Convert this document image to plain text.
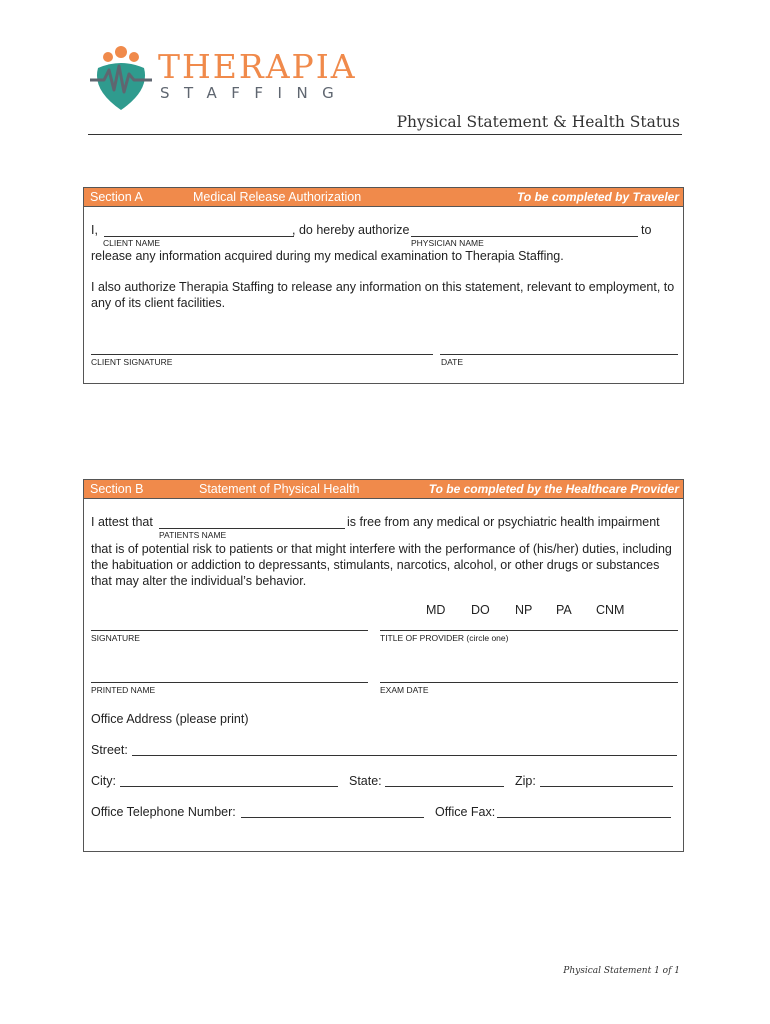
THERAPIA
STAFFING
Physical Statement & Health Status
Section A	Medical Release Authorization	To be completed by Traveler
I,	, do hereby authorize	to
CLIENT NAME	PHYSICIAN NAME
release any information acquired during my medical examination to Therapia Staffing.
I also authorize Therapia Staffing to release any information on this statement, relevant to employment, to any of its client facilities.
CLIENT SIGNATURE	DATE
Section B	Statement of Physical Health	To be completed by the Healthcare Provider
I attest that	is free from any medical or psychiatric health impairment
PATIENTS NAME
that is of potential risk to patients or that might interfere with the performance of (his/her) duties, including the habituation or addiction to depressants, stimulants, narcotics, alcohol, or other drugs or substances that may alter the individual’s behavior.
MD DO NP PA CNM
SIGNATURE	TITLE OF PROVIDER (circle one)
PRINTED NAME	EXAM DATE
Office Address (please print)
Street:
City:	State:	Zip:
Office Telephone Number:	Office Fax:
Physical Statement 1 of 1
